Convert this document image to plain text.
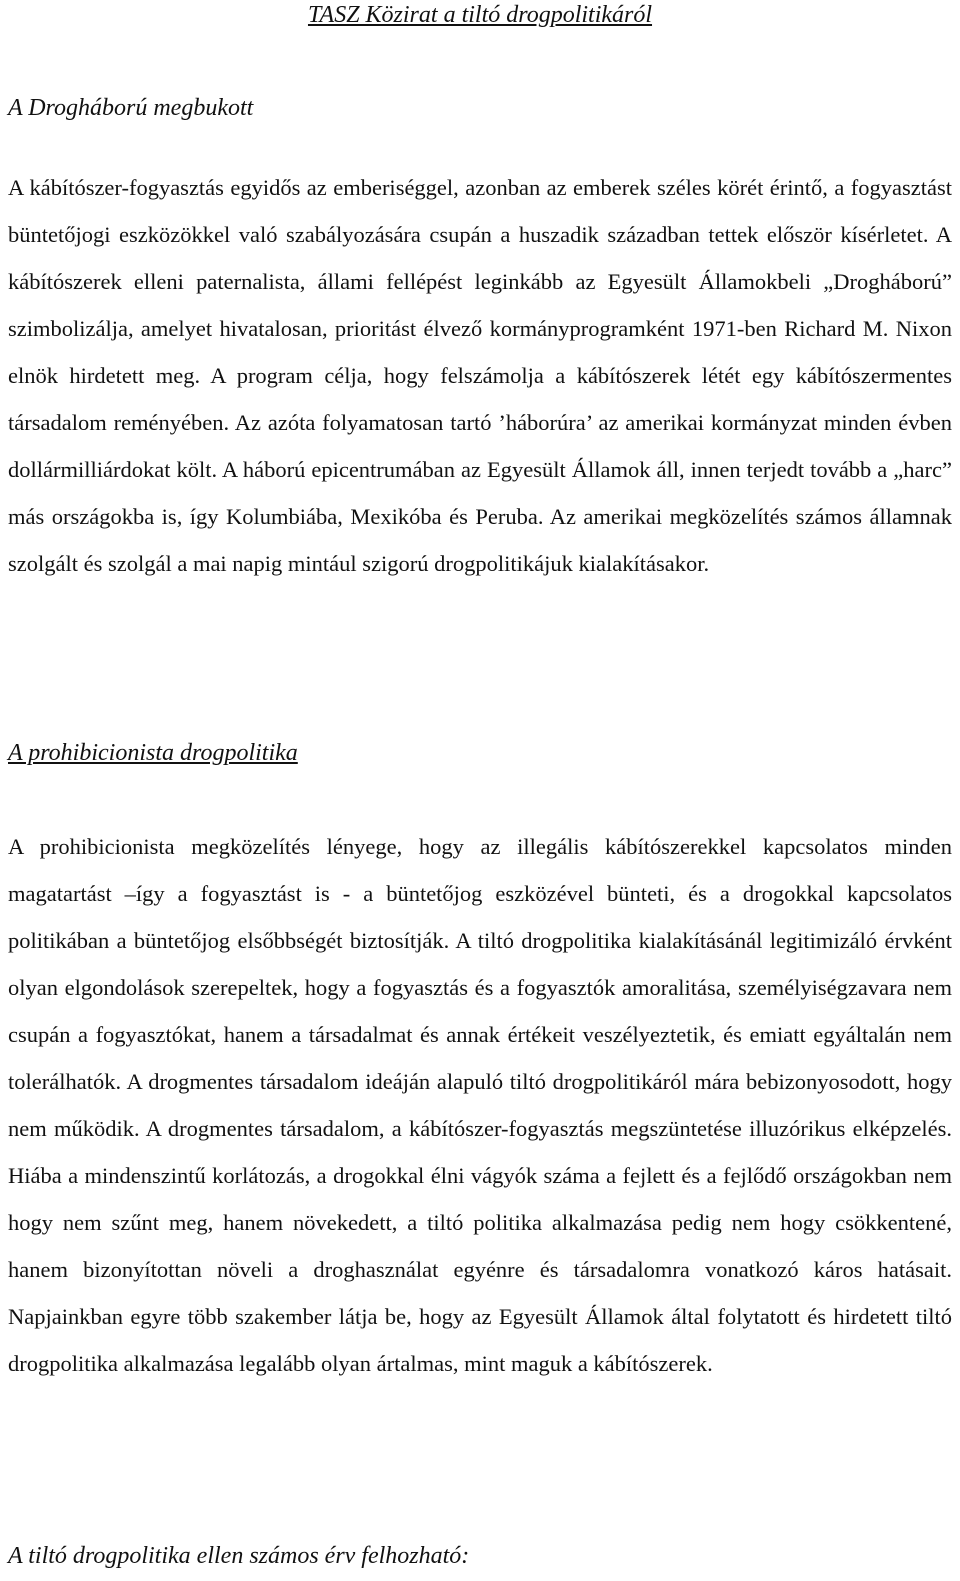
TASZ Közirat a tiltó drogpolitikáról
A Drogháború megbukott
A kábítószer-fogyasztás egyidős az emberiséggel, azonban az emberek széles körét érintő, a fogyasztást büntetőjogi eszközökkel való szabályozására csupán a huszadik században tettek először kísérletet. A kábítószerek elleni paternalista, állami fellépést leginkább az Egyesült Államokbeli „Drogháború” szimbolizálja, amelyet hivatalosan, prioritást élvező kormányprogramként 1971-ben Richard M. Nixon elnök hirdetett meg. A program célja, hogy felszámolja a kábítószerek létét egy kábítószermentes társadalom reményében. Az azóta folyamatosan tartó ’háborúra’ az amerikai kormányzat minden évben dollármilliárdokat költ. A háború epicentrumában az Egyesült Államok áll, innen terjedt tovább a „harc” más országokba is, így Kolumbiába, Mexikóba és Peruba. Az amerikai megközelítés számos államnak szolgált és szolgál a mai napig mintául szigorú drogpolitikájuk kialakításakor.
A prohibicionista drogpolitika
A prohibicionista megközelítés lényege, hogy az illegális kábítószerekkel kapcsolatos minden magatartást –így a fogyasztást is - a büntetőjog eszközével bünteti, és a drogokkal kapcsolatos politikában a büntetőjog elsőbbségét biztosítják. A tiltó drogpolitika kialakításánál legitimizáló érvként olyan elgondolások szerepeltek, hogy a fogyasztás és a fogyasztók amoralitása, személyiségzavara nem csupán a fogyasztókat, hanem a társadalmat és annak értékeit veszélyeztetik, és emiatt egyáltalán nem tolerálhatók. A drogmentes társadalom ideáján alapuló tiltó drogpolitikáról mára bebizonyosodott, hogy nem működik. A drogmentes társadalom, a kábítószer-fogyasztás megszüntetése illuzórikus elképzelés. Hiába a mindenszintű korlátozás, a drogokkal élni vágyók száma a fejlett és a fejlődő országokban nem hogy nem szűnt meg, hanem növekedett, a tiltó politika alkalmazása pedig nem hogy csökkentené, hanem bizonyítottan növeli a droghasználat egyénre és társadalomra vonatkozó káros hatásait. Napjainkban egyre több szakember látja be, hogy az Egyesült Államok által folytatott és hirdetett tiltó drogpolitika alkalmazása legalább olyan ártalmas, mint maguk a kábítószerek.
A tiltó drogpolitika ellen számos érv felhozható:
